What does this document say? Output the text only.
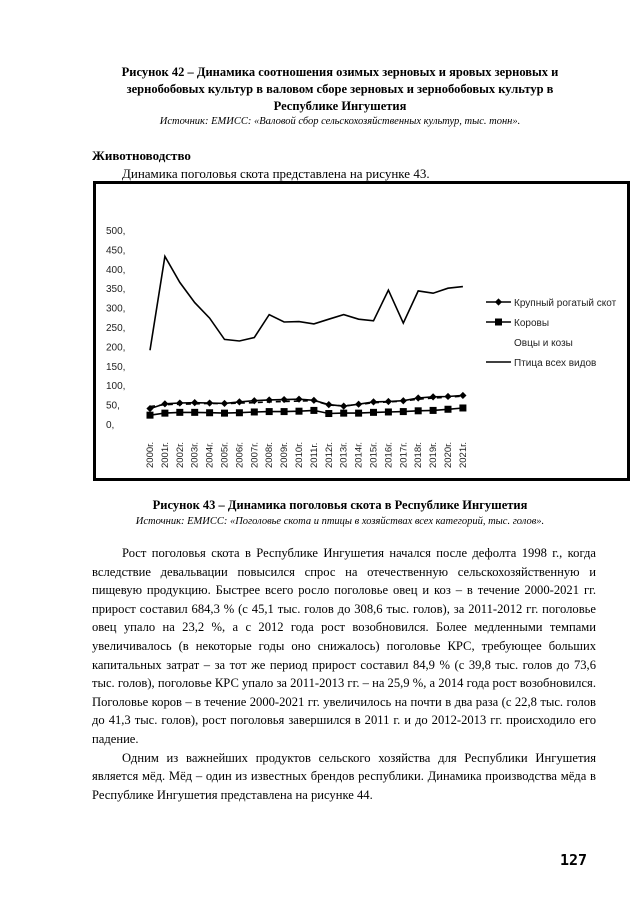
Рисунок 42 – Динамика соотношения озимых зерновых и яровых зерновых и зернобобовых культур в валовом сборе зерновых и зернобобовых культур в Республике Ингушетия
Источник: ЕМИСС: «Валовой сбор сельскохозяйственных культур, тыс. тонн».
Животноводство
Динамика поголовья скота представлена на рисунке 43.
500,
450,
400,
350,
300,
250,
200,
150,
100,
50,
0,
2000г. 2001г. 2002г. 2003г. 2004г. 2005г. 2006г. 2007г. 2008г. 2009г. 2010г. 2011г. 2012г. 2013г. 2014г. 2015г. 2016г. 2017г. 2018г. 2019г. 2020г. 2021г.
Крупный рогатый скот
Коровы
Овцы и козы
Птица всех видов
Рисунок 43 – Динамика поголовья скота в Республике Ингушетия
Источник: ЕМИСС: «Поголовье скота и птицы в хозяйствах всех категорий, тыс. голов».

Рост поголовья скота в Республике Ингушетия начался после дефолта 1998 г., когда вследствие девальвации повысился спрос на отечественную сельскохозяйственную и пищевую продукцию. Быстрее всего росло поголовье овец и коз – в течение 2000-2021 гг. прирост составил 684,3 % (с 45,1 тыс. голов до 308,6 тыс. голов), за 2011-2012 гг. поголовье овец упало на 23,2 %, а с 2012 года рост возобновился. Более медленными темпами увеличивалось (в некоторые годы оно снижалось) поголовье КРС, требующее больших капитальных затрат – за тот же период прирост составил 84,9 % (с 39,8 тыс. голов до 73,6 тыс. голов), поголовье КРС упало за 2011-2013 гг. – на 25,9 %, а 2014 года рост возобновился. Поголовье коров – в течение 2000-2021 гг. увеличилось на почти в два раза (с 22,8 тыс. голов до 41,3 тыс. голов), рост поголовья завершился в 2011 г. и до 2012-2013 гг. происходило его падение.

Одним из важнейших продуктов сельского хозяйства для Республики Ингушетия является мёд. Мёд – один из известных брендов республики. Динамика производства мёда в Республике Ингушетия представлена на рисунке 44.

127
